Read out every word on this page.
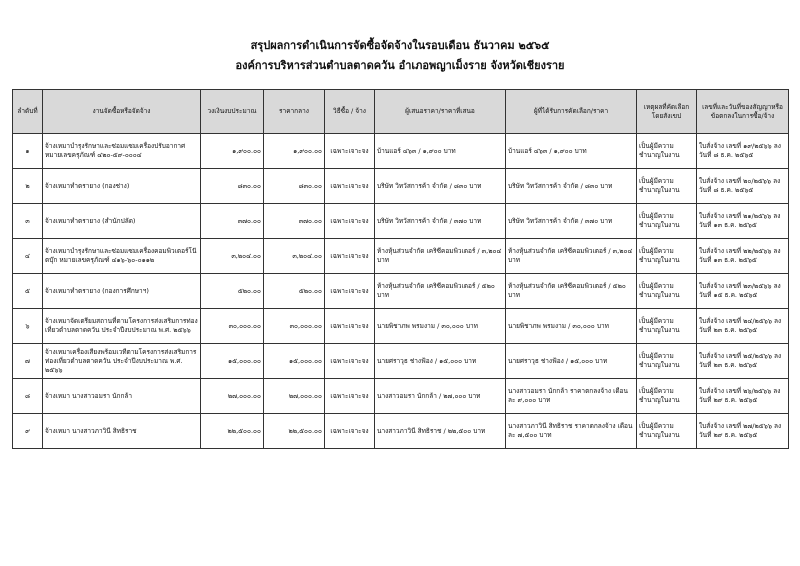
สรุปผลการดำเนินการจัดซื้อจัดจ้างในรอบเดือน ธันวาคม ๒๕๖๕
องค์การบริหารส่วนตำบลตาดควัน อำเภอพญาเม็งราย จังหวัดเชียงราย
ลำดับที่	งานจัดซื้อหรือจัดจ้าง	วงเงินงบประมาณ	ราคากลาง	วิธีซื้อ / จ้าง	ผู้เสนอราคา/ราคาที่เสนอ	ผู้ที่ได้รับการคัดเลือก/ราคา	เหตุผลที่คัดเลือกโดยสังเขป	เลขที่และวันที่ของสัญญาหรือข้อตกลงในการซื้อ/จ้าง
๑	จ้างเหมาบำรุงรักษาและซ่อมแซมเครื่องปรับอากาศ หมายเลขครุภัณฑ์ ๔๒๐-๕๙-๐๐๐๔	๑,๙๐๐.๐๐	๑,๙๐๐.๐๐	เฉพาะเจาะจง	บ้านแอร์ ๔๖๓ / ๑,๙๐๐ บาท	บ้านแอร์ ๔๖๓ / ๑,๙๐๐ บาท	เป็นผู้มีความชำนาญในงาน	ใบสั่งจ้าง เลขที่ ๑๙/๒๕๖๖ ลงวันที่ ๘ ธ.ค. ๒๕๖๕
๒	จ้างเหมาทำตรายาง (กองช่าง)	๘๓๐.๐๐	๘๓๐.๐๐	เฉพาะเจาะจง	บริษัท วิทวัสการค้า จำกัด / ๘๓๐ บาท	บริษัท วิทวัสการค้า จำกัด / ๘๓๐ บาท	เป็นผู้มีความชำนาญในงาน	ใบสั่งจ้าง เลขที่ ๒๐/๒๕๖๖ ลงวันที่ ๘ ธ.ค. ๒๕๖๕
๓	จ้างเหมาทำตรายาง (สำนักปลัด)	๓๗๐.๐๐	๓๗๐.๐๐	เฉพาะเจาะจง	บริษัท วิทวัสการค้า จำกัด / ๓๗๐ บาท	บริษัท วิทวัสการค้า จำกัด / ๓๗๐ บาท	เป็นผู้มีความชำนาญในงาน	ใบสั่งจ้าง เลขที่ ๒๑/๒๕๖๖ ลงวันที่ ๑๓ ธ.ค. ๒๕๖๕
๔	จ้างเหมาบำรุงรักษาและซ่อมแซมเครื่องคอมพิวเตอร์โน๊ตบุ๊ก หมายเลขครุภัณฑ์ ๔๑๖-๖๐-๐๑๑๒	๓,๒๐๔.๐๐	๓,๒๐๔.๐๐	เฉพาะเจาะจง	ห้างหุ้นส่วนจำกัด เคริซีคอมพิวเตอร์ / ๓,๒๐๔ บาท	ห้างหุ้นส่วนจำกัด เคริซีคอมพิวเตอร์ / ๓,๒๐๔ บาท	เป็นผู้มีความชำนาญในงาน	ใบสั่งจ้าง เลขที่ ๒๒/๒๕๖๖ ลงวันที่ ๑๓ ธ.ค. ๒๕๖๕
๕	จ้างเหมาทำตรายาง (กองการศึกษาฯ)	๕๒๐.๐๐	๕๒๐.๐๐	เฉพาะเจาะจง	ห้างหุ้นส่วนจำกัด เคริซีคอมพิวเตอร์ / ๕๒๐ บาท	ห้างหุ้นส่วนจำกัด เคริซีคอมพิวเตอร์ / ๕๒๐ บาท	เป็นผู้มีความชำนาญในงาน	ใบสั่งจ้าง เลขที่ ๒๓/๒๕๖๖ ลงวันที่ ๑๕ ธ.ค. ๒๕๖๕
๖	จ้างเหมาจัดเตรียมสถานที่ตามโครงการส่งเสริมการท่องเที่ยวตำบลตาดควัน ประจำปีงบประมาณ พ.ศ. ๒๕๖๖	๓๐,๐๐๐.๐๐	๓๐,๐๐๐.๐๐	เฉพาะเจาะจง	นายพิชาภพ พรมงาม / ๓๐,๐๐๐ บาท	นายพิชาภพ พรมงาม / ๓๐,๐๐๐ บาท	เป็นผู้มีความชำนาญในงาน	ใบสั่งจ้าง เลขที่ ๒๔/๒๕๖๖ ลงวันที่ ๒๓ ธ.ค. ๒๕๖๕
๗	จ้างเหมาเครื่องเสียงพร้อมเวทีตามโครงการส่งเสริมการท่องเที่ยวตำบลตาดควัน ประจำปีงบประมาณ พ.ศ. ๒๕๖๖	๑๕,๐๐๐.๐๐	๑๕,๐๐๐.๐๐	เฉพาะเจาะจง	นายศราวุธ ช่างฟ้อง / ๑๕,๐๐๐ บาท	นายศราวุธ ช่างฟ้อง / ๑๕,๐๐๐ บาท	เป็นผู้มีความชำนาญในงาน	ใบสั่งจ้าง เลขที่ ๒๕/๒๕๖๖ ลงวันที่ ๒๓ ธ.ค. ๒๕๖๕
๘	จ้างเหมา นางสาวอมรา นักกล้า	๒๗,๐๐๐.๐๐	๒๗,๐๐๐.๐๐	เฉพาะเจาะจง	นางสาวอมรา นักกล้า / ๒๗,๐๐๐ บาท	นางสาวอมรา นักกล้า ราคาตกลงจ้าง เดือนละ ๙,๐๐๐ บาท	เป็นผู้มีความชำนาญในงาน	ใบสั่งจ้าง เลขที่ ๒๖/๒๕๖๖ ลงวันที่ ๒๙ ธ.ค. ๒๕๖๕
๙	จ้างเหมา นางสาวภาวินี สิทธิราช	๒๒,๕๐๐.๐๐	๒๒,๕๐๐.๐๐	เฉพาะเจาะจง	นางสาวภาวินี สิทธิราช / ๒๒,๕๐๐ บาท	นางสาวภาวินี สิทธิราช ราคาตกลงจ้าง เดือนละ ๗,๕๐๐ บาท	เป็นผู้มีความชำนาญในงาน	ใบสั่งจ้าง เลขที่ ๒๗/๒๕๖๖ ลงวันที่ ๒๙ ธ.ค. ๒๕๖๕
